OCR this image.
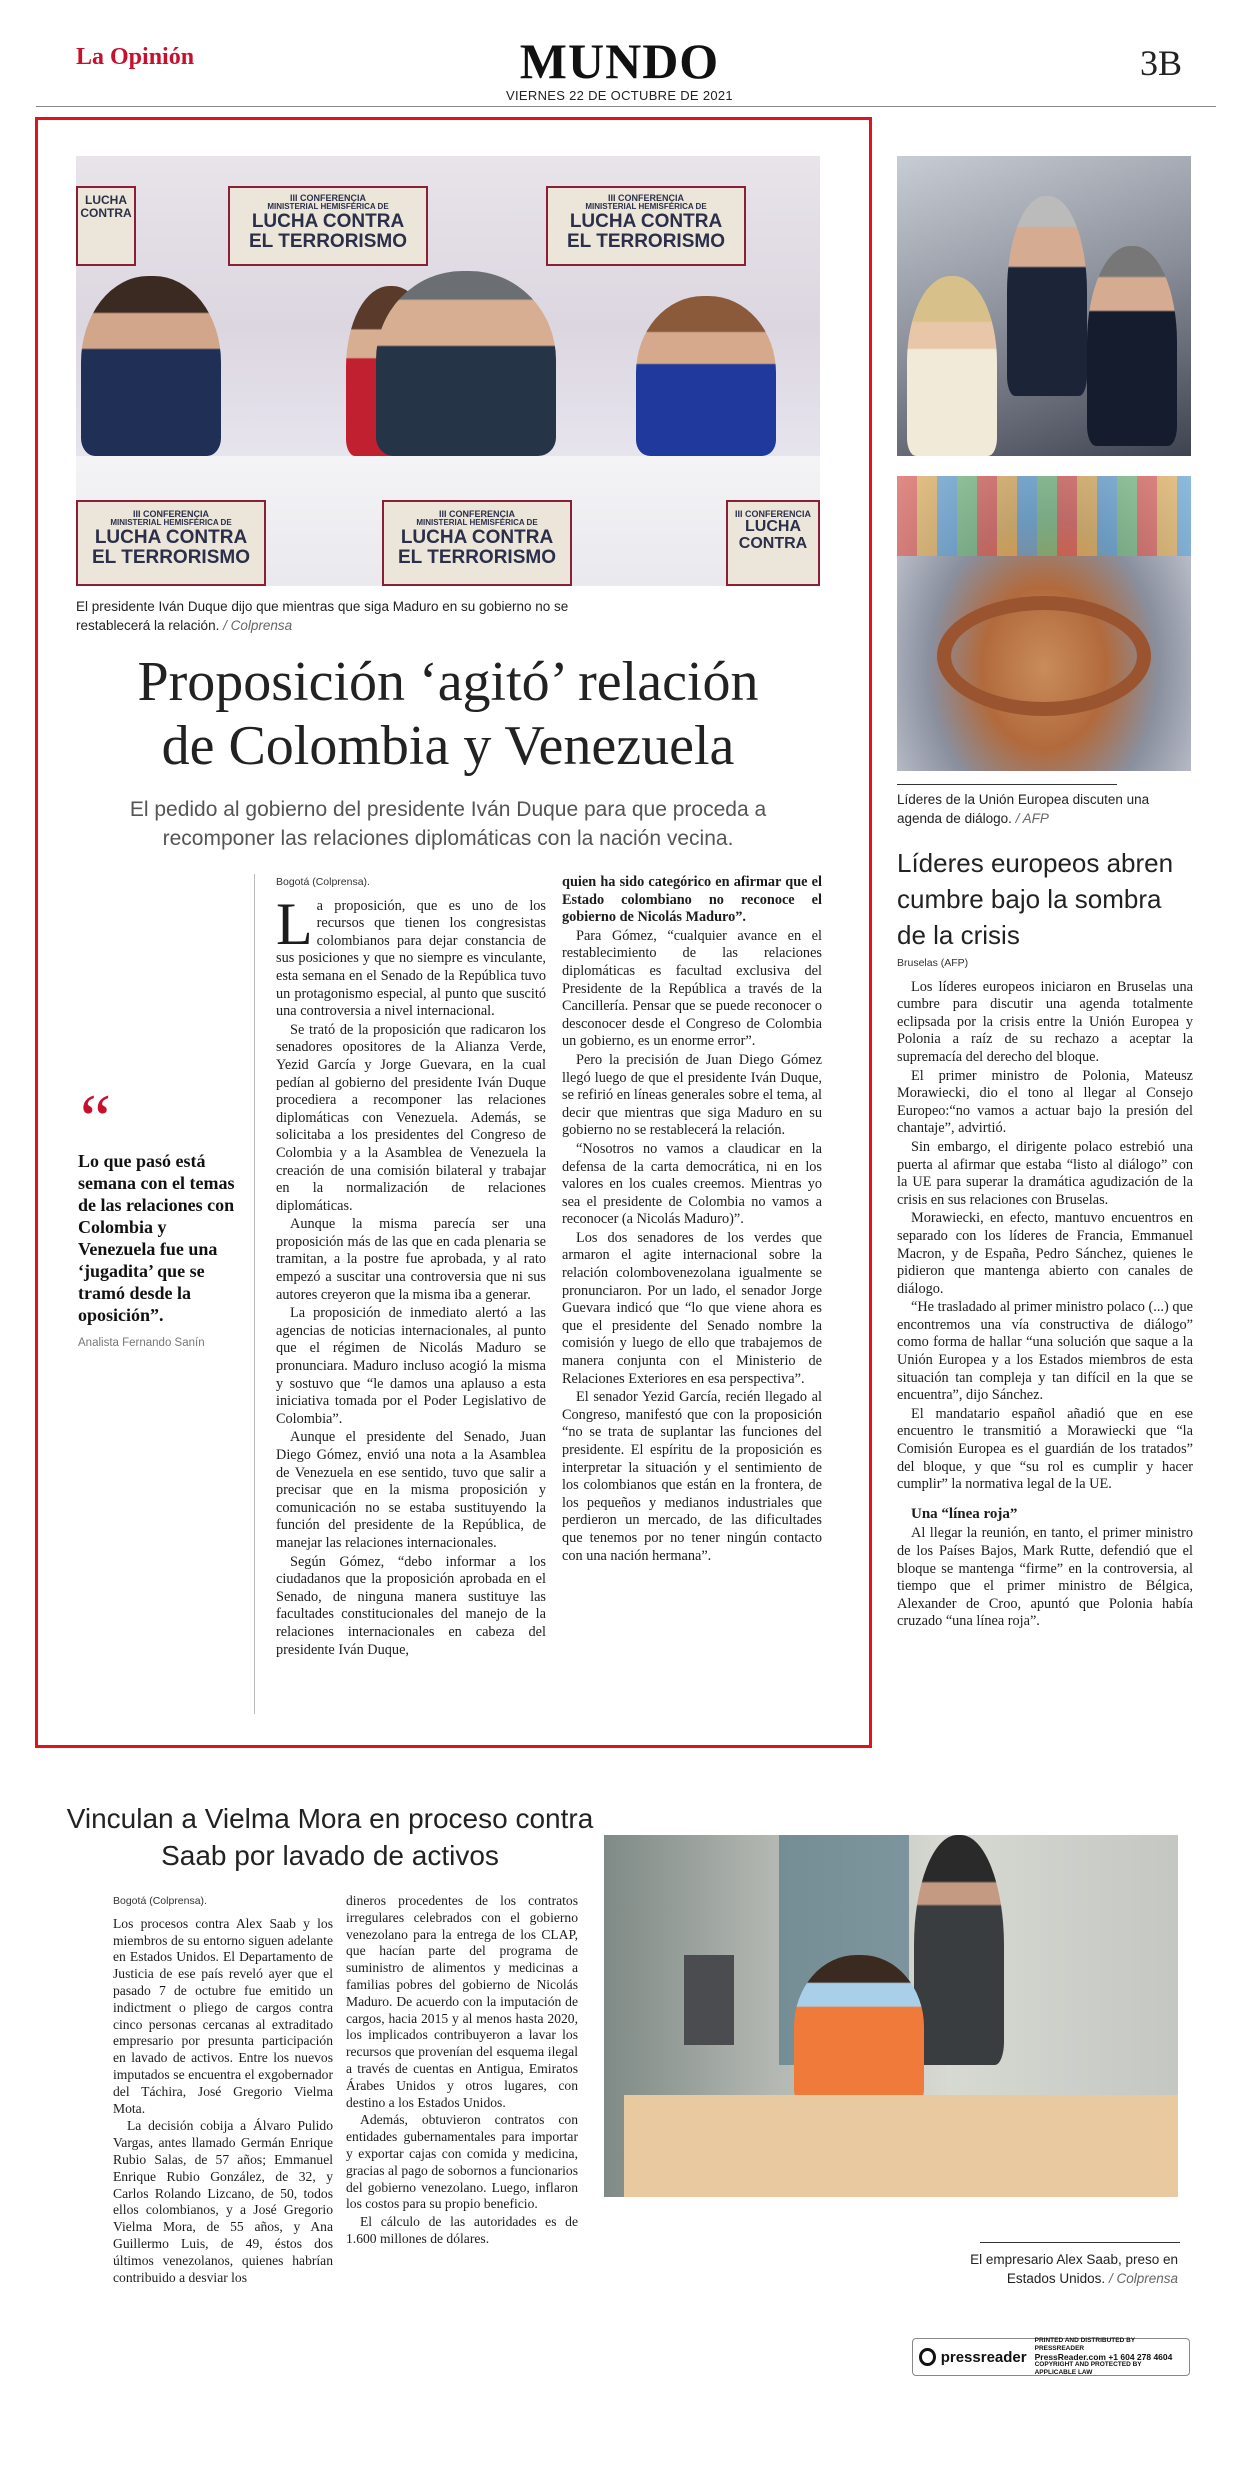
La Opinión	MUNDO	3B
VIERNES 22 DE OCTUBRE DE 2021
LUCHA CONTRA
III CONFERENCIA
MINISTERIAL HEMISFÉRICA DE
LUCHA CONTRA
EL TERRORISMO
III CONFERENCIA
MINISTERIAL HEMISFÉRICA DE
LUCHA CONTRA
EL TERRORISMO
III CONFERENCIA
MINISTERIAL HEMISFÉRICA DE
LUCHA CONTRA
EL TERRORISMO
III CONFERENCIA
MINISTERIAL HEMISFÉRICA DE
LUCHA CONTRA
EL TERRORISMO
III CONFERENCIA
LUCHA CONTRA
El presidente Iván Duque dijo que mientras que siga Maduro en su gobierno no se restablecerá la relación. / Colprensa
Proposición ‘agitó’ relación
de Colombia y Venezuela
El pedido al gobierno del presidente Iván Duque para que proceda a recomponer las relaciones diplomáticas con la nación vecina.
“
Lo que pasó está semana con el temas de las relaciones con Colombia y Venezuela fue una ‘jugadita’ que se tramó desde la oposición”.
Analista Fernando Sanín
Bogotá (Colprensa).

La proposición, que es uno de los recursos que tienen los congresistas colombianos para dejar constancia de sus posiciones y que no siempre es vinculante, esta semana en el Senado de la República tuvo un protagonismo especial, al punto que suscitó una controversia a nivel internacional.

Se trató de la proposición que radicaron los senadores opositores de la Alianza Verde, Yezid García y Jorge Guevara, en la cual pedían al gobierno del presidente Iván Duque procediera a recomponer las relaciones diplomáticas con Venezuela. Además, se solicitaba a los presidentes del Congreso de Colombia y a la Asamblea de Venezuela la creación de una comisión bilateral y trabajar en la normalización de relaciones diplomáticas.

Aunque la misma parecía ser una proposición más de las que en cada plenaria se tramitan, a la postre fue aprobada, y al rato empezó a suscitar una controversia que ni sus autores creyeron que la misma iba a generar.

La proposición de inmediato alertó a las agencias de noticias internacionales, al punto que el régimen de Nicolás Maduro se pronunciara. Maduro incluso acogió la misma y sostuvo que “le damos una aplauso a esta iniciativa tomada por el Poder Legislativo de Colombia”.

Aunque el presidente del Senado, Juan Diego Gómez, envió una nota a la Asamblea de Venezuela en ese sentido, tuvo que salir a precisar que en la misma proposición y comunicación no se estaba sustituyendo la función del presidente de la República, de manejar las relaciones internacionales.

Según Gómez, “debo informar a los ciudadanos que la proposición aprobada en el Senado, de ninguna manera sustituye las facultades constitucionales del manejo de la relaciones internacionales en cabeza del presidente Iván Duque,

quien ha sido categórico en afirmar que el Estado colombiano no reconoce el gobierno de Nicolás Maduro”.

Para Gómez, “cualquier avance en el restablecimiento de las relaciones diplomáticas es facultad exclusiva del Presidente de la República a través de la Cancillería. Pensar que se puede reconocer o desconocer desde el Congreso de Colombia un gobierno, es un enorme error”.

Pero la precisión de Juan Diego Gómez llegó luego de que el presidente Iván Duque, se refirió en líneas generales sobre el tema, al decir que mientras que siga Maduro en su gobierno no se restablecerá la relación.

“Nosotros no vamos a claudicar en la defensa de la carta democrática, ni en los valores en los cuales creemos. Mientras yo sea el presidente de Colombia no vamos a reconocer (a Nicolás Maduro)”.

Los dos senadores de los verdes que armaron el agite internacional sobre la relación colombovenezolana igualmente se pronunciaron. Por un lado, el senador Jorge Guevara indicó que “lo que viene ahora es que el presidente del Senado nombre la comisión y luego de ello que trabajemos de manera conjunta con el Ministerio de Relaciones Exteriores en esa perspectiva”.

El senador Yezid García, recién llegado al Congreso, manifestó que con la proposición “no se trata de suplantar las funciones del presidente. El espíritu de la proposición es interpretar la situación y el sentimiento de los colombianos que están en la frontera, de los pequeños y medianos industriales que perdieron un mercado, de las dificultades que tenemos por no tener ningún contacto con una nación hermana”.

Líderes de la Unión Europea discuten una agenda de diálogo. / AFP
Líderes europeos abren cumbre bajo la sombra de la crisis
Bruselas (AFP)

Los líderes europeos iniciaron en Bruselas una cumbre para discutir una agenda totalmente eclipsada por la crisis entre la Unión Europea y Polonia a raíz de su rechazo a aceptar la supremacía del derecho del bloque.

El primer ministro de Polonia, Mateusz Morawiecki, dio el tono al llegar al Consejo Europeo:“no vamos a actuar bajo la presión del chantaje”, advirtió.

Sin embargo, el dirigente polaco estrebió una puerta al afirmar que estaba “listo al diálogo” con la UE para superar la dramática agudización de la crisis en sus relaciones con Bruselas.

Morawiecki, en efecto, mantuvo encuentros en separado con los líderes de Francia, Emmanuel Macron, y de España, Pedro Sánchez, quienes le pidieron que mantenga abierto con canales de diálogo.

“He trasladado al primer ministro polaco (...) que encontremos una vía constructiva de diálogo” como forma de hallar “una solución que saque a la Unión Europea y a los Estados miembros de esta situación tan compleja y tan difícil en la que se encuentra”, dijo Sánchez.

El mandatario español añadió que en ese encuentro le transmitió a Morawiecki que “la Comisión Europea es el guardián de los tratados” del bloque, y que “su rol es cumplir y hacer cumplir” la normativa legal de la UE.

Una “línea roja”

Al llegar la reunión, en tanto, el primer ministro de los Países Bajos, Mark Rutte, defendió que el bloque se mantenga “firme” en la controversia, al tiempo que el primer ministro de Bélgica, Alexander de Croo, apuntó que Polonia había cruzado “una línea roja”.

Vinculan a Vielma Mora en proceso contra Saab por lavado de activos
Bogotá (Colprensa).

Los procesos contra Alex Saab y los miembros de su entorno siguen adelante en Estados Unidos. El Departamento de Justicia de ese país reveló ayer que el pasado 7 de octubre fue emitido un indictment o pliego de cargos contra cinco personas cercanas al extraditado empresario por presunta participación en lavado de activos. Entre los nuevos imputados se encuentra el exgobernador del Táchira, José Gregorio Vielma Mota.

La decisión cobija a Álvaro Pulido Vargas, antes llamado Germán Enrique Rubio Salas, de 57 años; Emmanuel Enrique Rubio González, de 32, y Carlos Rolando Lizcano, de 50, todos ellos colombianos, y a José Gregorio Vielma Mora, de 55 años, y Ana Guillermo Luis, de 49, éstos dos últimos venezolanos, quienes habrían contribuido a desviar los

dineros procedentes de los contratos irregulares celebrados con el gobierno venezolano para la entrega de los CLAP, que hacían parte del programa de suministro de alimentos y medicinas a familias pobres del gobierno de Nicolás Maduro. De acuerdo con la imputación de cargos, hacia 2015 y al menos hasta 2020, los implicados contribuyeron a lavar los recursos que provenían del esquema ilegal a través de cuentas en Antigua, Emiratos Árabes Unidos y otros lugares, con destino a los Estados Unidos.

Además, obtuvieron contratos con entidades gubernamentales para importar y exportar cajas con comida y medicina, gracias al pago de sobornos a funcionarios del gobierno venezolano. Luego, inflaron los costos para su propio beneficio.

El cálculo de las autoridades es de 1.600 millones de dólares.

El empresario Alex Saab, preso en Estados Unidos. / Colprensa
pressreader
PRINTED AND DISTRIBUTED BY PRESSREADER
PressReader.com +1 604 278 4604
COPYRIGHT AND PROTECTED BY APPLICABLE LAW
